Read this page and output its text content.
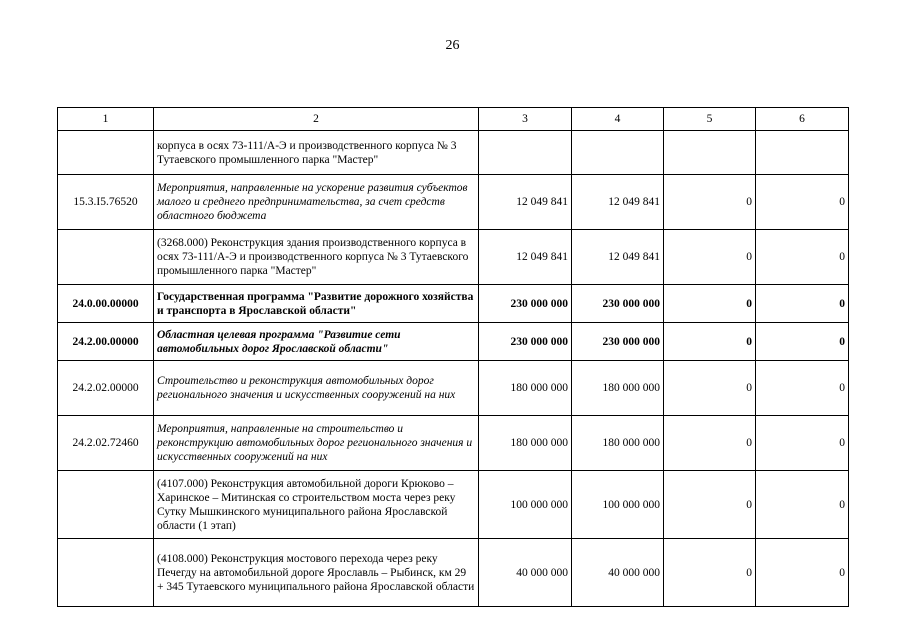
26
1	2	3	4	5	6
	корпуса в осях 73-111/А-Э и производственного корпуса № 3 Тутаевского промышленного парка "Мастер"				
15.3.I5.76520	Мероприятия, направленные на ускорение развития субъектов малого и среднего предпринимательства, за счет средств областного бюджета	12 049 841	12 049 841	0	0
	(3268.000) Реконструкция здания производственного корпуса в осях 73-111/А-Э и производственного корпуса № 3 Тутаевского промышленного парка "Мастер"	12 049 841	12 049 841	0	0
24.0.00.00000	Государственная программа "Развитие дорожного хозяйства и транспорта в Ярославской области"	230 000 000	230 000 000	0	0
24.2.00.00000	Областная целевая программа "Развитие сети автомобильных дорог Ярославской области"	230 000 000	230 000 000	0	0
24.2.02.00000	Строительство и реконструкция автомобильных дорог регионального значения и искусственных сооружений на них	180 000 000	180 000 000	0	0
24.2.02.72460	Мероприятия, направленные на строительство и реконструкцию автомобильных дорог регионального значения и искусственных сооружений на них	180 000 000	180 000 000	0	0
	(4107.000) Реконструкция автомобильной дороги Крюково – Харинское – Митинская со строительством моста через реку Сутку Мышкинского муниципального района Ярославской области (1 этап)	100 000 000	100 000 000	0	0
	(4108.000) Реконструкция мостового перехода через реку Печегду на автомобильной дороге Ярославль – Рыбинск, км 29 + 345 Тутаевского муниципального района Ярославской области	40 000 000	40 000 000	0	0
